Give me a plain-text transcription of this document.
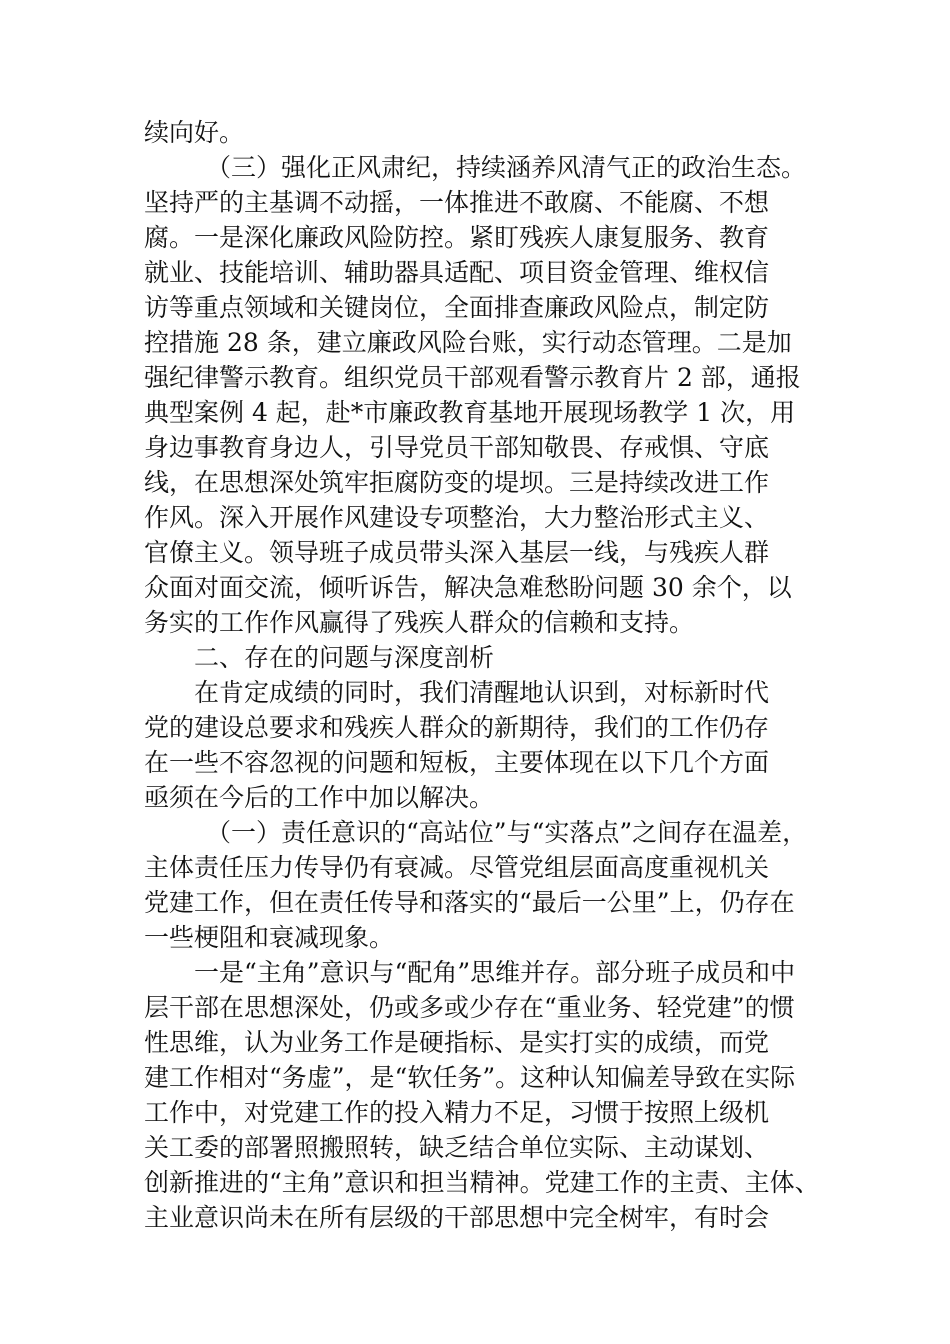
续向好。
（三）强化正风肃纪，持续涵养风清气正的政治生态。
坚持严的主基调不动摇，一体推进不敢腐、不能腐、不想
腐。一是深化廉政风险防控。紧盯残疾人康复服务、教育
就业、技能培训、辅助器具适配、项目资金管理、维权信
访等重点领域和关键岗位，全面排查廉政风险点，制定防
控措施 28 条，建立廉政风险台账，实行动态管理。二是加
强纪律警示教育。组织党员干部观看警示教育片 2 部，通报
典型案例 4 起，赴*市廉政教育基地开展现场教学 1 次，用
身边事教育身边人，引导党员干部知敬畏、存戒惧、守底
线，在思想深处筑牢拒腐防变的堤坝。三是持续改进工作
作风。深入开展作风建设专项整治，大力整治形式主义、
官僚主义。领导班子成员带头深入基层一线，与残疾人群
众面对面交流，倾听诉告，解决急难愁盼问题 30 余个，以
务实的工作作风赢得了残疾人群众的信赖和支持。
二、存在的问题与深度剖析
在肯定成绩的同时，我们清醒地认识到，对标新时代
党的建设总要求和残疾人群众的新期待，我们的工作仍存
在一些不容忽视的问题和短板，主要体现在以下几个方面
亟须在今后的工作中加以解决。
（一）责任意识的“高站位”与“实落点”之间存在温差，
主体责任压力传导仍有衰减。尽管党组层面高度重视机关
党建工作，但在责任传导和落实的“最后一公里”上，仍存在
一些梗阻和衰减现象。
一是“主角”意识与“配角”思维并存。部分班子成员和中
层干部在思想深处，仍或多或少存在“重业务、轻党建”的惯
性思维，认为业务工作是硬指标、是实打实的成绩，而党
建工作相对“务虚”，是“软任务”。这种认知偏差导致在实际
工作中，对党建工作的投入精力不足，习惯于按照上级机
关工委的部署照搬照转，缺乏结合单位实际、主动谋划、
创新推进的“主角”意识和担当精神。党建工作的主责、主体、
主业意识尚未在所有层级的干部思想中完全树牢，有时会
